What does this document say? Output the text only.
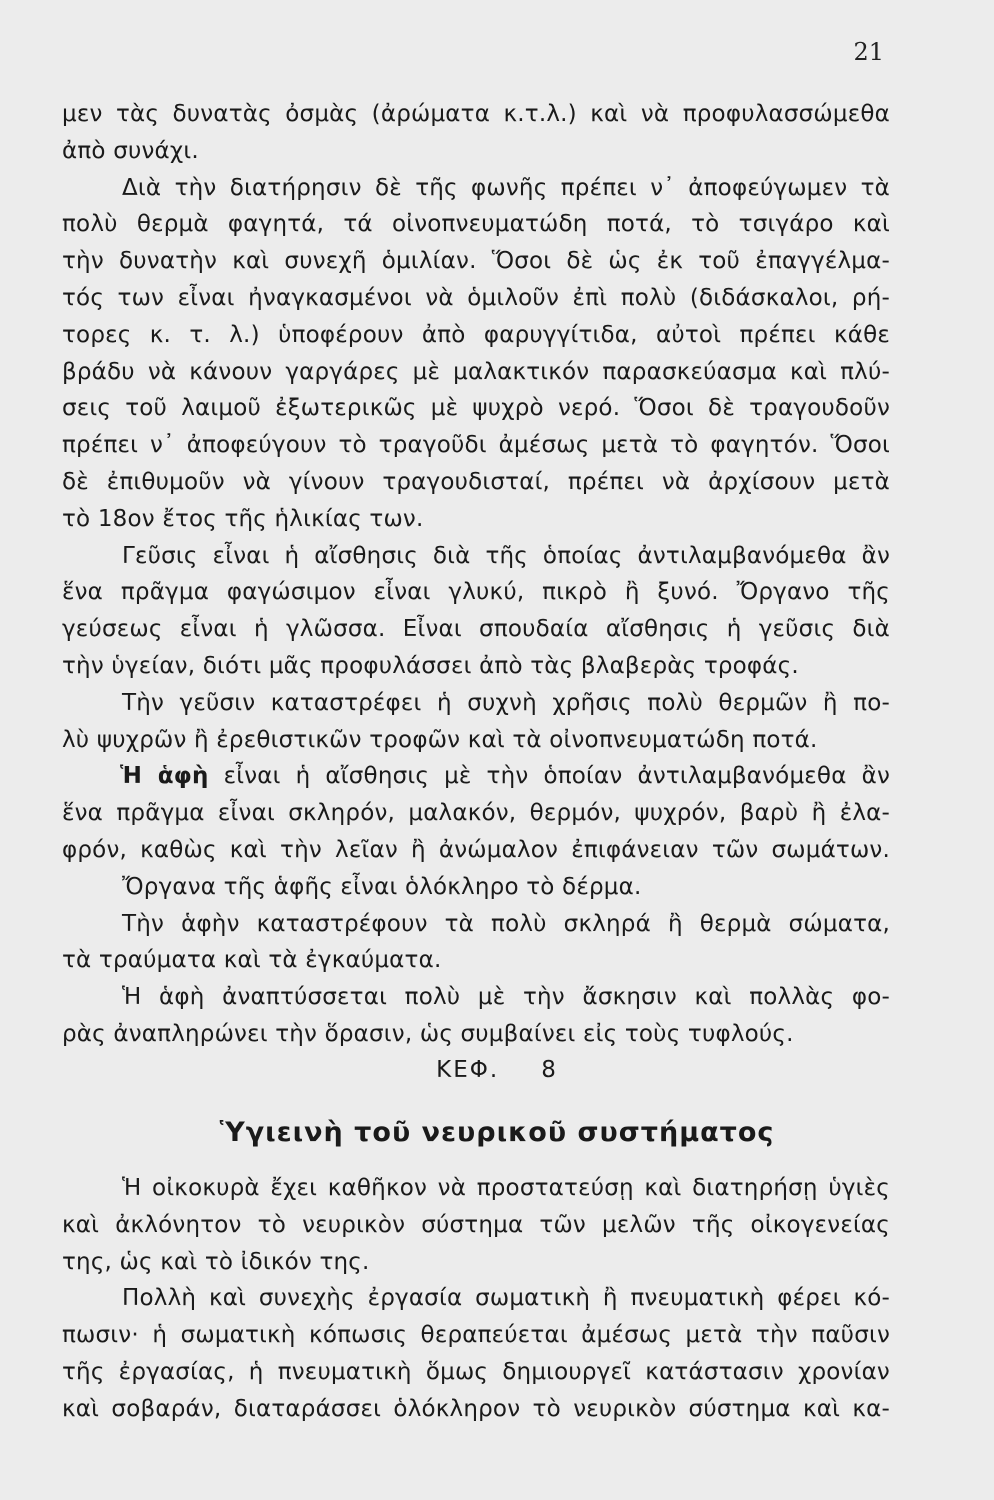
21
μεν τὰς δυνατὰς ὀσμὰς (ἀρώματα κ.τ.λ.) καὶ νὰ προφυλασσώμεθα
ἀπὸ συνάχι.
Διὰ τὴν διατήρησιν δὲ τῆς φωνῆς πρέπει ν᾽ ἀποφεύγωμεν τὰ
πολὺ θερμὰ φαγητά, τά οἰνοπνευματώδη ποτά, τὸ τσιγάρο καὶ
τὴν δυνατὴν καὶ συνεχῆ ὁμιλίαν. Ὅσοι δὲ ὡς ἐκ τοῦ ἐπαγγέλμα-
τός των εἶναι ἠναγκασμένοι νὰ ὁμιλοῦν ἐπὶ πολὺ (διδάσκαλοι, ρή-
τορες κ. τ. λ.) ὑποφέρουν ἀπὸ φαρυγγίτιδα, αὐτοὶ πρέπει κάθε
βράδυ νὰ κάνουν γαργάρες μὲ μαλακτικόν παρασκεύασμα καὶ πλύ-
σεις τοῦ λαιμοῦ ἐξωτερικῶς μὲ ψυχρὸ νερό. Ὅσοι δὲ τραγουδοῦν
πρέπει ν᾽ ἀποφεύγουν τὸ τραγοῦδι ἀμέσως μετὰ τὸ φαγητόν. Ὅσοι
δὲ ἐπιθυμοῦν νὰ γίνουν τραγουδισταί, πρέπει νὰ ἀρχίσουν μετὰ
τὸ 18ον ἔτος τῆς ἡλικίας των.
Γεῦσις εἶναι ἡ αἴσθησις διὰ τῆς ὁποίας ἀντιλαμβανόμεθα ἂν
ἕνα πρᾶγμα φαγώσιμον εἶναι γλυκύ, πικρὸ ἢ ξυνό. Ὄργανο τῆς
γεύσεως εἶναι ἡ γλῶσσα. Εἶναι σπουδαία αἴσθησις ἡ γεῦσις διὰ
τὴν ὑγείαν, διότι μᾶς προφυλάσσει ἀπὸ τὰς βλαβερὰς τροφάς.
Τὴν γεῦσιν καταστρέφει ἡ συχνὴ χρῆσις πολὺ θερμῶν ἢ πο-
λὺ ψυχρῶν ἢ ἐρεθιστικῶν τροφῶν καὶ τὰ οἰνοπνευματώδη ποτά.
Ἡ ἁφὴ εἶναι ἡ αἴσθησις μὲ τὴν ὁποίαν ἀντιλαμβανόμεθα ἂν
ἕνα πρᾶγμα εἶναι σκληρόν, μαλακόν, θερμόν, ψυχρόν, βαρὺ ἢ ἐλα-
φρόν, καθὼς καὶ τὴν λεῖαν ἢ ἀνώμαλον ἐπιφάνειαν τῶν σωμάτων.
Ὄργανα τῆς ἁφῆς εἶναι ὁλόκληρο τὸ δέρμα.
Τὴν ἁφὴν καταστρέφουν τὰ πολὺ σκληρά ἢ θερμὰ σώματα,
τὰ τραύματα καὶ τὰ ἐγκαύματα.
Ἡ ἁφὴ ἀναπτύσσεται πολὺ μὲ τὴν ἄσκησιν καὶ πολλὰς φο-
ρὰς ἀναπληρώνει τὴν ὅρασιν, ὡς συμβαίνει εἰς τοὺς τυφλούς.
ΚΕΦ. 8
Ὑγιεινὴ τοῦ νευρικοῦ συστήματος
Ἡ οἰκοκυρὰ ἔχει καθῆκον νὰ προστατεύσῃ καὶ διατηρήσῃ ὑγιὲς
καὶ ἀκλόνητον τὸ νευρικὸν σύστημα τῶν μελῶν τῆς οἰκογενείας
της, ὡς καὶ τὸ ἰδικόν της.
Πολλὴ καὶ συνεχὴς ἐργασία σωματικὴ ἢ πνευματικὴ φέρει κό-
πωσιν· ἡ σωματικὴ κόπωσις θεραπεύεται ἀμέσως μετὰ τὴν παῦσιν
τῆς ἐργασίας, ἡ πνευματικὴ ὅμως δημιουργεῖ κατάστασιν χρονίαν
καὶ σοβαράν, διαταράσσει ὁλόκληρον τὸ νευρικὸν σύστημα καὶ κα-
